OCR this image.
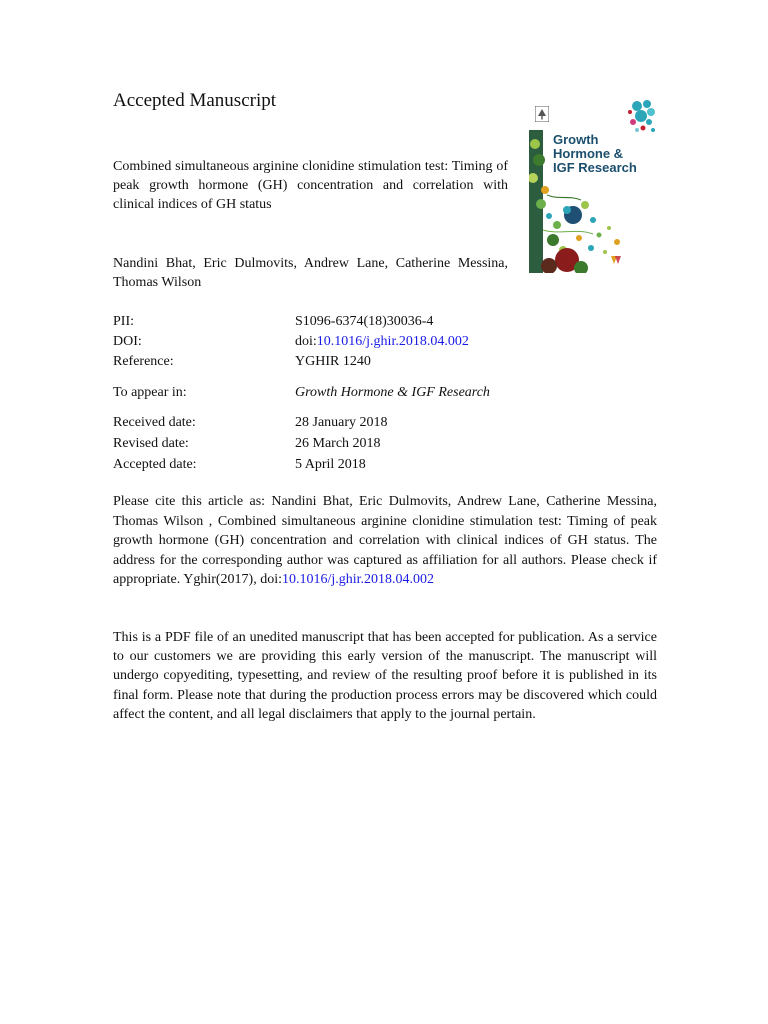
Accepted Manuscript

Combined simultaneous arginine clonidine stimulation test: Timing of peak growth hormone (GH) concentration and correlation with clinical indices of GH status

Nandini Bhat, Eric Dulmovits, Andrew Lane, Catherine Messina, Thomas Wilson

PII:	S1096-6374(18)30036-4
DOI:	doi:10.1016/j.ghir.2018.04.002
Reference:	YGHIR 1240
To appear in:	Growth Hormone & IGF Research
Received date:	28 January 2018
Revised date:	26 March 2018
Accepted date:	5 April 2018

Please cite this article as: Nandini Bhat, Eric Dulmovits, Andrew Lane, Catherine Messina, Thomas Wilson , Combined simultaneous arginine clonidine stimulation test: Timing of peak growth hormone (GH) concentration and correlation with clinical indices of GH status. The address for the corresponding author was captured as affiliation for all authors. Please check if appropriate. Yghir(2017), doi:10.1016/j.ghir.2018.04.002

This is a PDF file of an unedited manuscript that has been accepted for publication. As a service to our customers we are providing this early version of the manuscript. The manuscript will undergo copyediting, typesetting, and review of the resulting proof before it is published in its final form. Please note that during the production process errors may be discovered which could affect the content, and all legal disclaimers that apply to the journal pertain.

Growth
Hormone &
IGF Research
